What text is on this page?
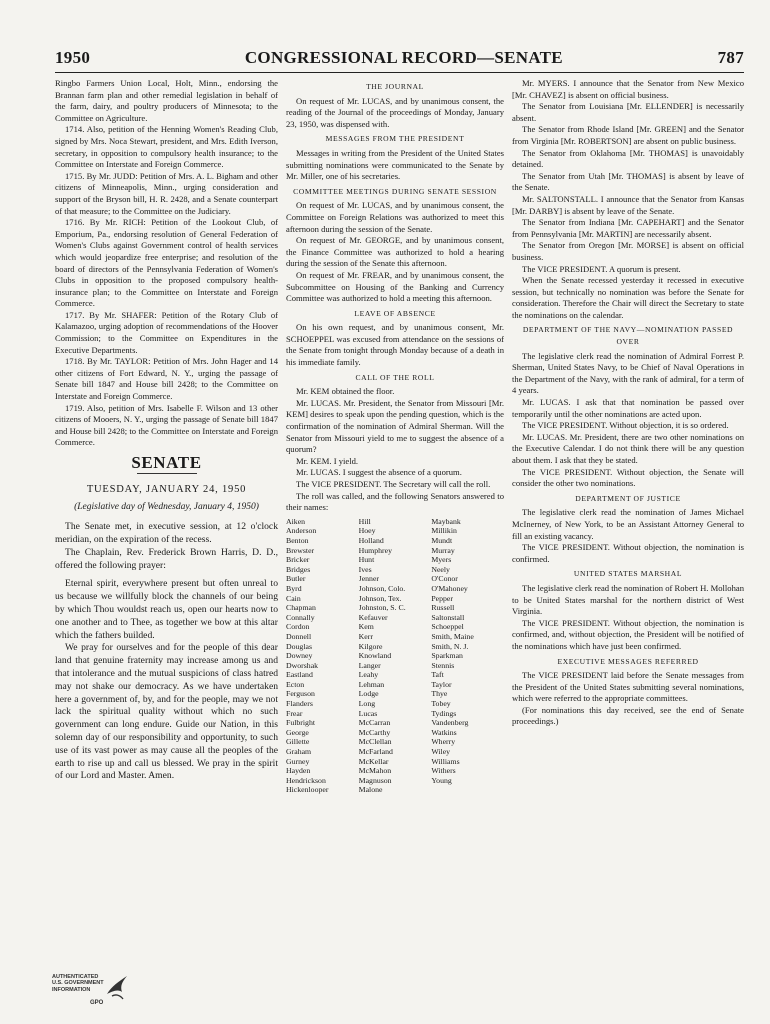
1950	CONGRESSIONAL RECORD—SENATE	787

Ringbo Farmers Union Local, Holt, Minn., endorsing the Brannan farm plan and other remedial legislation in behalf of the farm, dairy, and poultry producers of Minnesota; to the Committee on Agriculture.

1714. Also, petition of the Henning Women's Reading Club, signed by Mrs. Noca Stewart, president, and Mrs. Edith Iverson, secretary, in opposition to compulsory health insurance; to the Committee on Interstate and Foreign Commerce.

1715. By Mr. JUDD: Petition of Mrs. A. L. Bigham and other citizens of Minneapolis, Minn., urging consideration and support of the Bryson bill, H. R. 2428, and a Senate counterpart of that measure; to the Committee on the Judiciary.

1716. By Mr. RICH: Petition of the Lookout Club, of Emporium, Pa., endorsing resolution of General Federation of Women's Clubs against Government control of health services which would jeopardize free enterprise; and resolution of the board of directors of the Pennsylvania Federation of Women's Clubs in opposition to the proposed compulsory health-insurance plan; to the Committee on Interstate and Foreign Commerce.

1717. By Mr. SHAFER: Petition of the Rotary Club of Kalamazoo, urging adoption of recommendations of the Hoover Commission; to the Committee on Expenditures in the Executive Departments.

1718. By Mr. TAYLOR: Petition of Mrs. John Hager and 14 other citizens of Fort Edward, N. Y., urging the passage of Senate bill 1847 and House bill 2428; to the Committee on Interstate and Foreign Commerce.

1719. Also, petition of Mrs. Isabelle F. Wilson and 13 other citizens of Mooers, N. Y., urging the passage of Senate bill 1847 and House bill 2428; to the Committee on Interstate and Foreign Commerce.

SENATE
TUESDAY, JANUARY 24, 1950
(Legislative day of Wednesday, January 4, 1950)

The Senate met, in executive session, at 12 o'clock meridian, on the expiration of the recess.

The Chaplain, Rev. Frederick Brown Harris, D. D., offered the following prayer:

Eternal spirit, everywhere present but often unreal to us because we willfully block the channels of our being by which Thou wouldst reach us, open our hearts now to one another and to Thee, as together we bow at this altar which the fathers builded.

We pray for ourselves and for the people of this dear land that genuine fraternity may increase among us and that intolerance and the mutual suspicions of class hatred may not shake our democracy. As we have undertaken here a government of, by, and for the people, may we not lack the spiritual quality without which no such government can long endure. Guide our Nation, in this solemn day of our responsibility and opportunity, to such use of its vast power as may cause all the peoples of the earth to rise up and call us blessed. We pray in the spirit of our Lord and Master. Amen.

THE JOURNAL

On request of Mr. LUCAS, and by unanimous consent, the reading of the Journal of the proceedings of Monday, January 23, 1950, was dispensed with.

MESSAGES FROM THE PRESIDENT

Messages in writing from the President of the United States submitting nominations were communicated to the Senate by Mr. Miller, one of his secretaries.

COMMITTEE MEETINGS DURING SENATE SESSION

On request of Mr. LUCAS, and by unanimous consent, the Committee on Foreign Relations was authorized to meet this afternoon during the session of the Senate.

On request of Mr. GEORGE, and by unanimous consent, the Finance Committee was authorized to hold a hearing during the session of the Senate this afternoon.

On request of Mr. FREAR, and by unanimous consent, the Subcommittee on Housing of the Banking and Currency Committee was authorized to hold a meeting this afternoon.

LEAVE OF ABSENCE

On his own request, and by unanimous consent, Mr. SCHOEPPEL was excused from attendance on the sessions of the Senate from tonight through Monday because of a death in his immediate family.

CALL OF THE ROLL

Mr. KEM obtained the floor.

Mr. LUCAS. Mr. President, the Senator from Missouri [Mr. KEM] desires to speak upon the pending question, which is the confirmation of the nomination of Admiral Sherman. Will the Senator from Missouri yield to me to suggest the absence of a quorum?

Mr. KEM. I yield.

Mr. LUCAS. I suggest the absence of a quorum.

The VICE PRESIDENT. The Secretary will call the roll.

The roll was called, and the following Senators answered to their names:

Aiken	Hill	Maybank
Anderson	Hoey	Millikin
Benton	Holland	Mundt
Brewster	Humphrey	Murray
Bricker	Hunt	Myers
Bridges	Ives	Neely
Butler	Jenner	O'Conor
Byrd	Johnson, Colo.	O'Mahoney
Cain	Johnson, Tex.	Pepper
Chapman	Johnston, S. C.	Russell
Connally	Kefauver	Saltonstall
Cordon	Kem	Schoeppel
Donnell	Kerr	Smith, Maine
Douglas	Kilgore	Smith, N. J.
Downey	Knowland	Sparkman
Dworshak	Langer	Stennis
Eastland	Leahy	Taft
Ecton	Lehman	Taylor
Ferguson	Lodge	Thye
Flanders	Long	Tobey
Frear	Lucas	Tydings
Fulbright	McCarran	Vandenberg
George	McCarthy	Watkins
Gillette	McClellan	Wherry
Graham	McFarland	Wiley
Gurney	McKellar	Williams
Hayden	McMahon	Withers
Hendrickson	Magnuson	Young
Hickenlooper	Malone

Mr. MYERS. I announce that the Senator from New Mexico [Mr. CHAVEZ] is absent on official business.

The Senator from Louisiana [Mr. ELLENDER] is necessarily absent.

The Senator from Rhode Island [Mr. GREEN] and the Senator from Virginia [Mr. ROBERTSON] are absent on public business.

The Senator from Oklahoma [Mr. THOMAS] is unavoidably detained.

The Senator from Utah [Mr. THOMAS] is absent by leave of the Senate.

Mr. SALTONSTALL. I announce that the Senator from Kansas [Mr. DARBY] is absent by leave of the Senate.

The Senator from Indiana [Mr. CAPEHART] and the Senator from Pennsylvania [Mr. MARTIN] are necessarily absent.

The Senator from Oregon [Mr. MORSE] is absent on official business.

The VICE PRESIDENT. A quorum is present.

When the Senate recessed yesterday it recessed in executive session, but technically no nomination was before the Senate for consideration. Therefore the Chair will direct the Secretary to state the nominations on the calendar.

DEPARTMENT OF THE NAVY—NOMINATION PASSED OVER

The legislative clerk read the nomination of Admiral Forrest P. Sherman, United States Navy, to be Chief of Naval Operations in the Department of the Navy, with the rank of admiral, for a term of 4 years.

Mr. LUCAS. I ask that that nomination be passed over temporarily until the other nominations are acted upon.

The VICE PRESIDENT. Without objection, it is so ordered.

Mr. LUCAS. Mr. President, there are two other nominations on the Executive Calendar. I do not think there will be any question about them. I ask that they be stated.

The VICE PRESIDENT. Without objection, the Senate will consider the other two nominations.

DEPARTMENT OF JUSTICE

The legislative clerk read the nomination of James Michael McInerney, of New York, to be an Assistant Attorney General to fill an existing vacancy.

The VICE PRESIDENT. Without objection, the nomination is confirmed.

UNITED STATES MARSHAL

The legislative clerk read the nomination of Robert H. Mollohan to be United States marshal for the northern district of West Virginia.

The VICE PRESIDENT. Without objection, the nomination is confirmed, and, without objection, the President will be notified of the nominations which have just been confirmed.

EXECUTIVE MESSAGES REFERRED

The VICE PRESIDENT laid before the Senate messages from the President of the United States submitting several nominations, which were referred to the appropriate committees.

(For nominations this day received, see the end of Senate proceedings.)

AUTHENTICATED
U.S. GOVERNMENT
INFORMATION
GPO
